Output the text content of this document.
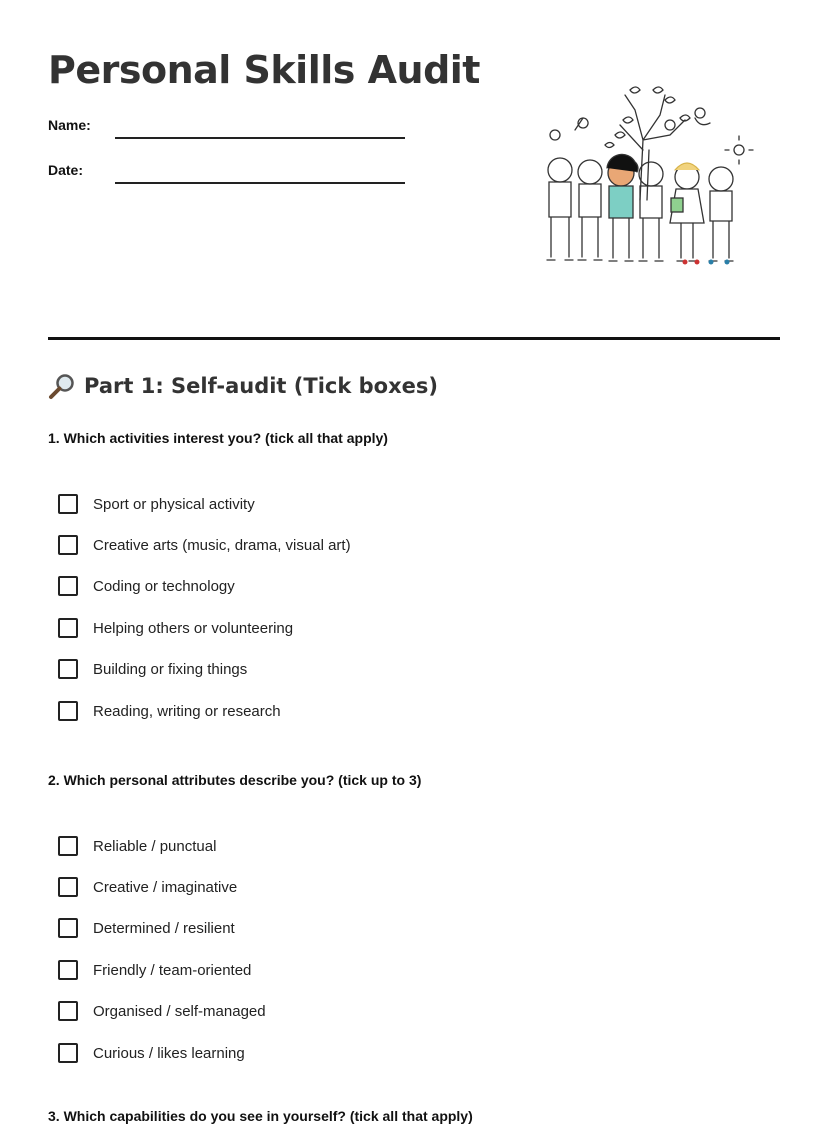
Personal Skills Audit
Name:
Date:
Part 1: Self-audit (Tick boxes)

1. Which activities interest you? (tick all that apply)

Sport or physical activity
Creative arts (music, drama, visual art)
Coding or technology
Helping others or volunteering
Building or fixing things
Reading, writing or research

2. Which personal attributes describe you? (tick up to 3)

Reliable / punctual
Creative / imaginative
Determined / resilient
Friendly / team-oriented
Organised / self-managed
Curious / likes learning
3. Which capabilities do you see in yourself? (tick all that apply)
